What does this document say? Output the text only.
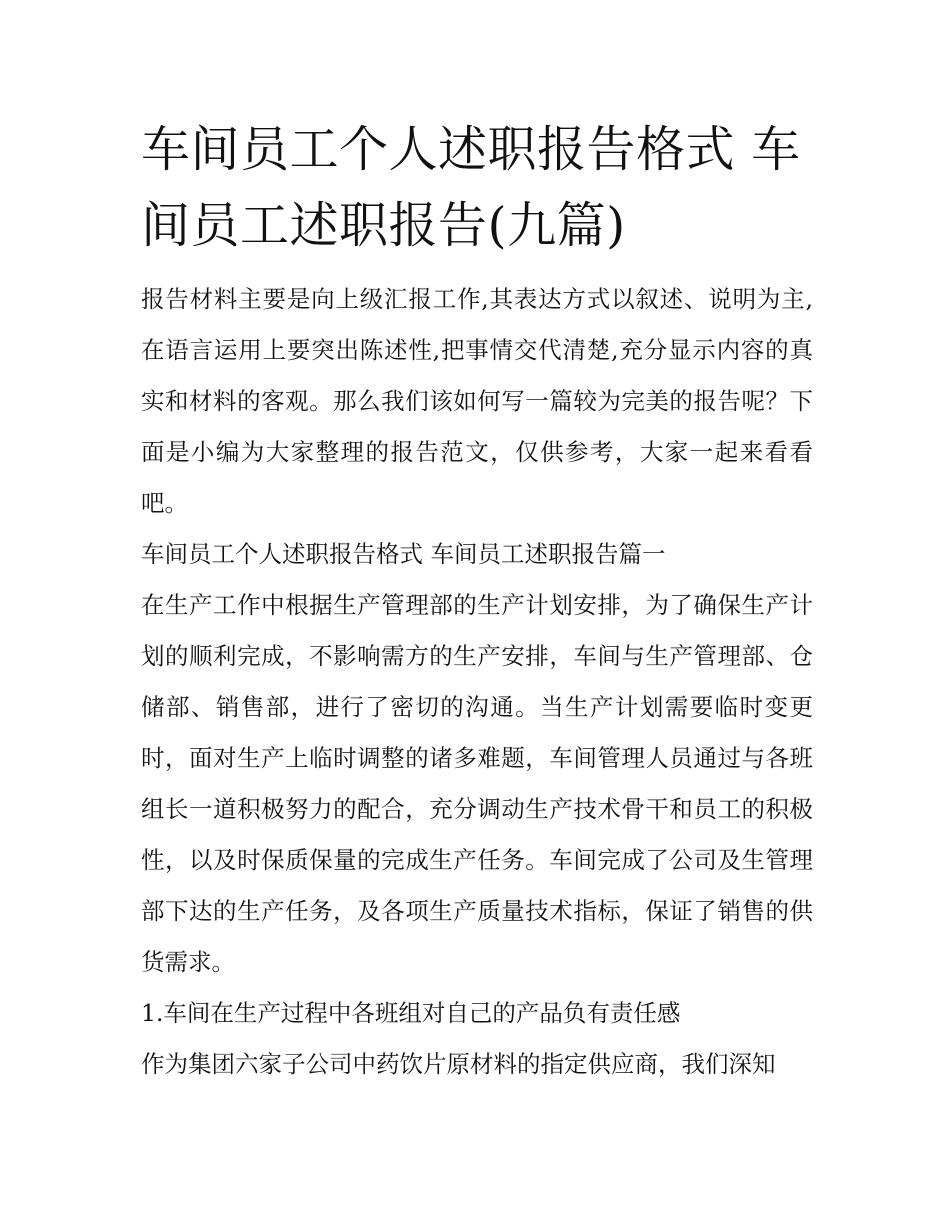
车间员工个人述职报告格式 车间员工述职报告(九篇)

报告材料主要是向上级汇报工作,其表达方式以叙述、说明为主,在语言运用上要突出陈述性,把事情交代清楚,充分显示内容的真实和材料的客观。那么我们该如何写一篇较为完美的报告呢？下面是小编为大家整理的报告范文，仅供参考，大家一起来看看吧。

车间员工个人述职报告格式 车间员工述职报告篇一

在生产工作中根据生产管理部的生产计划安排，为了确保生产计划的顺利完成，不影响需方的生产安排，车间与生产管理部、仓储部、销售部，进行了密切的沟通。当生产计划需要临时变更时，面对生产上临时调整的诸多难题，车间管理人员通过与各班组长一道积极努力的配合，充分调动生产技术骨干和员工的积极性，以及时保质保量的完成生产任务。车间完成了公司及生管理部下达的生产任务，及各项生产质量技术指标，保证了销售的供货需求。

1.车间在生产过程中各班组对自己的产品负有责任感

作为集团六家子公司中药饮片原材料的指定供应商，我们深知
